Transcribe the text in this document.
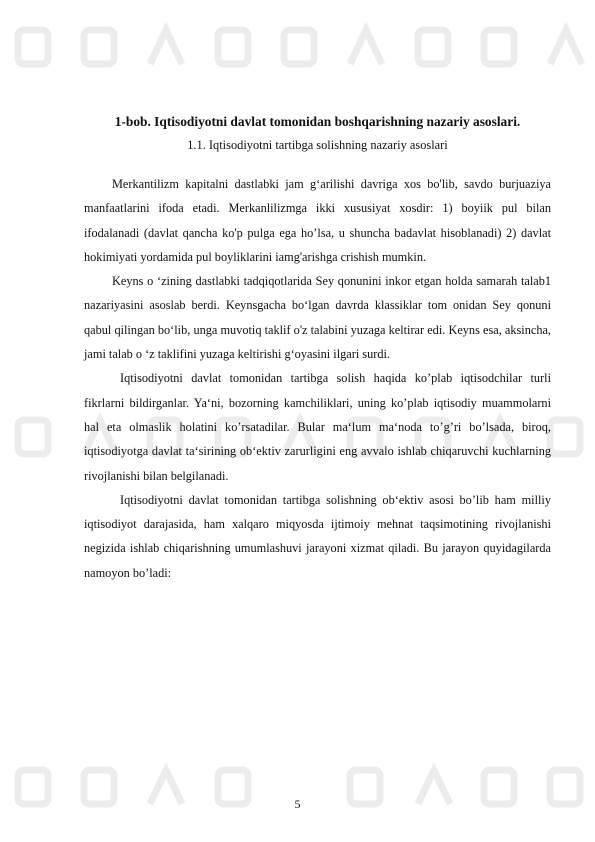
1-bob. Iqtisodiyotni davlat tomonidan boshqarishning nazariy asoslari.
1.1. Iqtisodiyotni tartibga solishning nazariy asoslari

Merkantilizm kapitalni dastlabki jam g‘arilishi davriga xos bo'lib, savdo burjuaziya manfaatlarini ifoda etadi. Merkanlilizmga ikki xususiyat xosdir: 1) boyiik pul bilan ifodalanadi (davlat qancha ko'p pulga ega ho’lsa, u shuncha badavlat hisoblanadi) 2) davlat hokimiyati yordamida pul boyliklarini iamg'arishga crishish mumkin.

Keyns o ‘zining dastlabki tadqiqotlarida Sey qonunini inkor etgan holda samarah talab1 nazariyasini asoslab berdi. Keynsgacha bo‘lgan davrda klassiklar tom onidan Sey qonuni qabul qilingan bo‘lib, unga muvotiq taklif o'z talabini yuzaga keltirar edi. Keyns esa, aksincha, jami talab o ‘z taklifini yuzaga keltirishi g‘oyasini ilgari surdi.

Iqtisodiyotni davlat tomonidan tartibga solish haqida ko’plab iqtisodchilar turli fikrlarni bildirganlar. Ya‘ni, bozorning kamchiliklari, uning ko’plab iqtisodiy muammolarni hal eta olmaslik holatini ko’rsatadilar. Bular ma‘lum ma‘noda to’g’ri bo’lsada, biroq, iqtisodiyotga davlat ta‘sirining ob‘ektiv zarurligini eng avvalo ishlab chiqaruvchi kuchlarning rivojlanishi bilan belgilanadi.

Iqtisodiyotni davlat tomonidan tartibga solishning ob‘ektiv asosi bo’lib ham milliy iqtisodiyot darajasida, ham xalqaro miqyosda ijtimoiy mehnat taqsimotining rivojlanishi negizida ishlab chiqarishning umumlashuvi jarayoni xizmat qiladi. Bu jarayon quyidagilarda namoyon bo’ladi:

5
